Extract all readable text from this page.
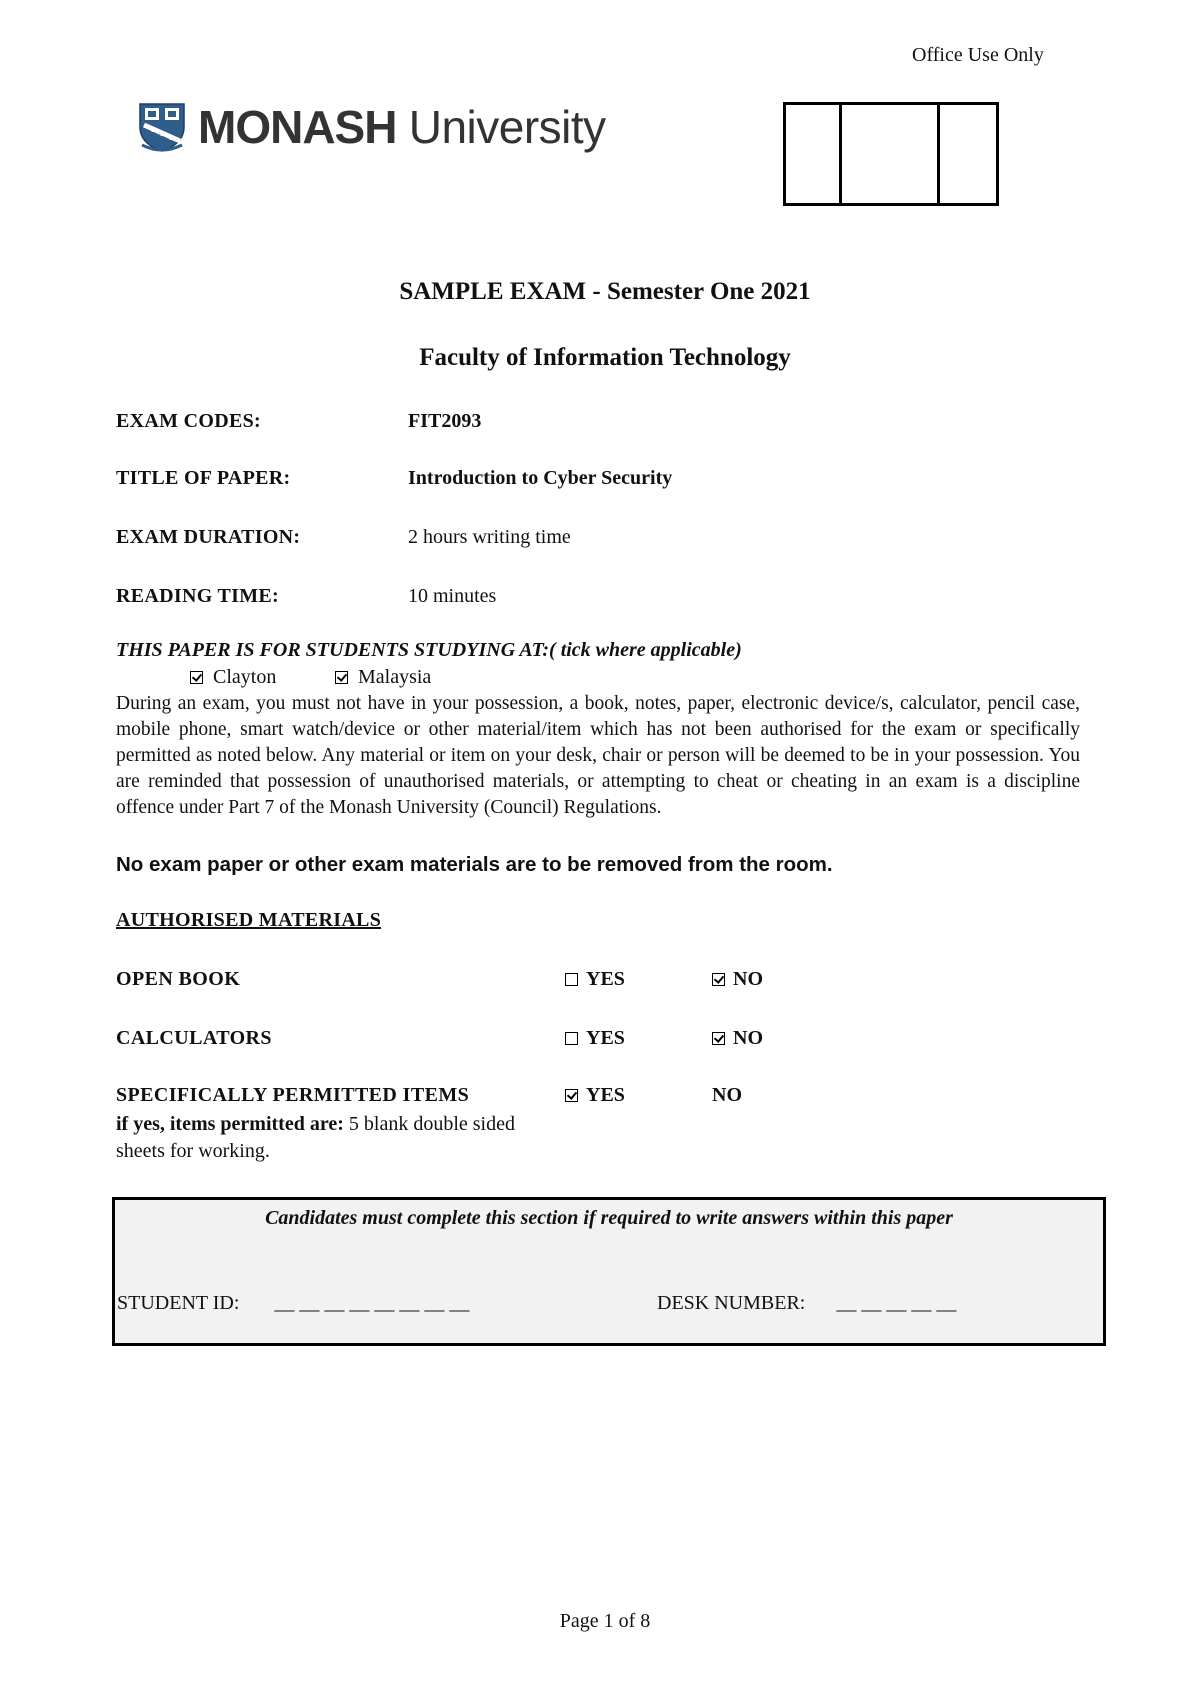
Office Use Only
MONASH University
SAMPLE EXAM - Semester One 2021
Faculty of Information Technology
EXAM CODES:	FIT2093
TITLE OF PAPER:	Introduction to Cyber Security
EXAM DURATION:	2 hours writing time
READING TIME:	10 minutes
THIS PAPER IS FOR STUDENTS STUDYING AT:( tick where applicable)
Clayton	Malaysia
During an exam, you must not have in your possession, a book, notes, paper, electronic device/s, calculator, pencil case, mobile phone, smart watch/device or other material/item which has not been authorised for the exam or specifically permitted as noted below. Any material or item on your desk, chair or person will be deemed to be in your possession. You are reminded that possession of unauthorised materials, or attempting to cheat or cheating in an exam is a discipline offence under Part 7 of the Monash University (Council) Regulations.
No exam paper or other exam materials are to be removed from the room.
AUTHORISED MATERIALS
OPEN BOOK	YES	NO
CALCULATORS	YES	NO
SPECIFICALLY PERMITTED ITEMS	YES	NO
if yes, items permitted are: 5 blank double sided sheets for working.
Candidates must complete this section if required to write answers within this paper
STUDENT ID: __ __ __ __ __ __ __ __	DESK NUMBER: __ __ __ __ __
Page 1 of 8
